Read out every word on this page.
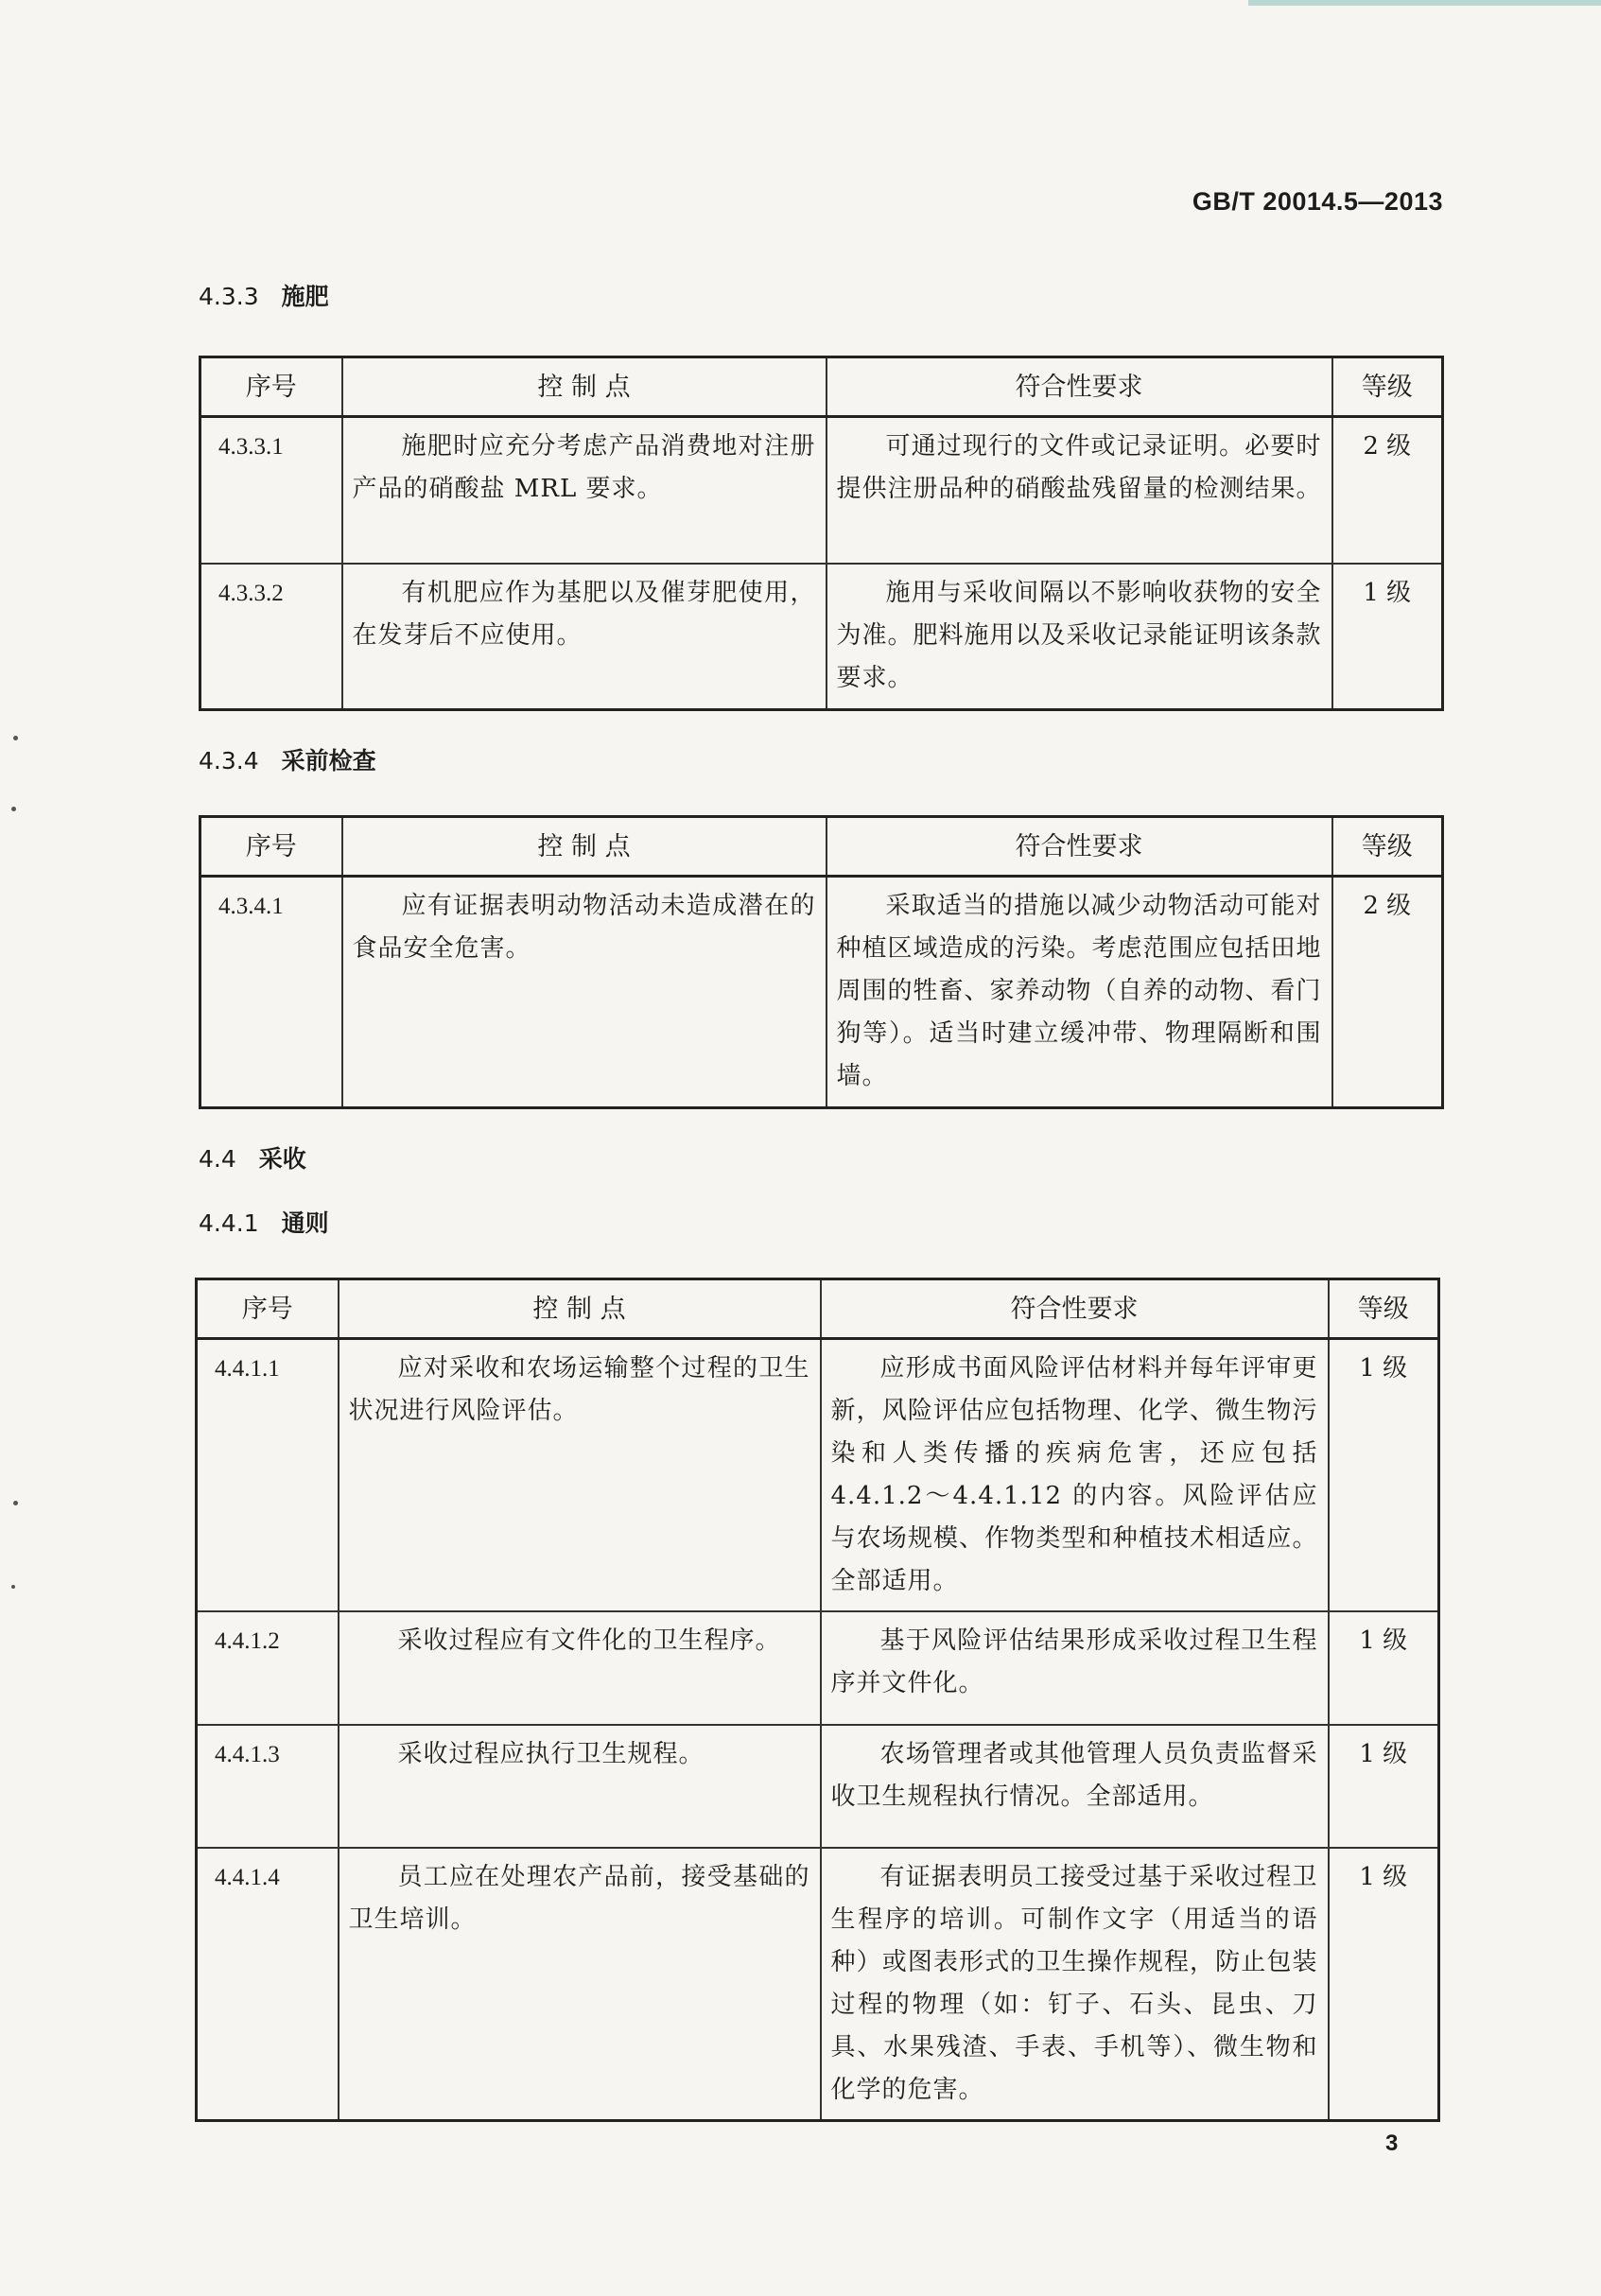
GB/T 20014.5—2013
4.3.3 施肥
序号	控 制 点	符合性要求	等级
4.3.3.1	施肥时应充分考虑产品消费地对注册产品的硝酸盐 MRL 要求。	可通过现行的文件或记录证明。必要时提供注册品种的硝酸盐残留量的检测结果。	2 级
4.3.3.2	有机肥应作为基肥以及催芽肥使用，在发芽后不应使用。	施用与采收间隔以不影响收获物的安全为准。肥料施用以及采收记录能证明该条款要求。	1 级
4.3.4 采前检查
序号	控 制 点	符合性要求	等级
4.3.4.1	应有证据表明动物活动未造成潜在的食品安全危害。	采取适当的措施以减少动物活动可能对种植区域造成的污染。考虑范围应包括田地周围的牲畜、家养动物（自养的动物、看门狗等）。适当时建立缓冲带、物理隔断和围墙。	2 级
4.4 采收
4.4.1 通则
序号	控 制 点	符合性要求	等级
4.4.1.1	应对采收和农场运输整个过程的卫生状况进行风险评估。	应形成书面风险评估材料并每年评审更新，风险评估应包括物理、化学、微生物污染和人类传播的疾病危害，还应包括 4.4.1.2～4.4.1.12 的内容。风险评估应与农场规模、作物类型和种植技术相适应。全部适用。	1 级
4.4.1.2	采收过程应有文件化的卫生程序。	基于风险评估结果形成采收过程卫生程序并文件化。	1 级
4.4.1.3	采收过程应执行卫生规程。	农场管理者或其他管理人员负责监督采收卫生规程执行情况。全部适用。	1 级
4.4.1.4	员工应在处理农产品前，接受基础的卫生培训。	有证据表明员工接受过基于采收过程卫生程序的培训。可制作文字（用适当的语种）或图表形式的卫生操作规程，防止包装过程的物理（如：钉子、石头、昆虫、刀具、水果残渣、手表、手机等）、微生物和化学的危害。	1 级
3
